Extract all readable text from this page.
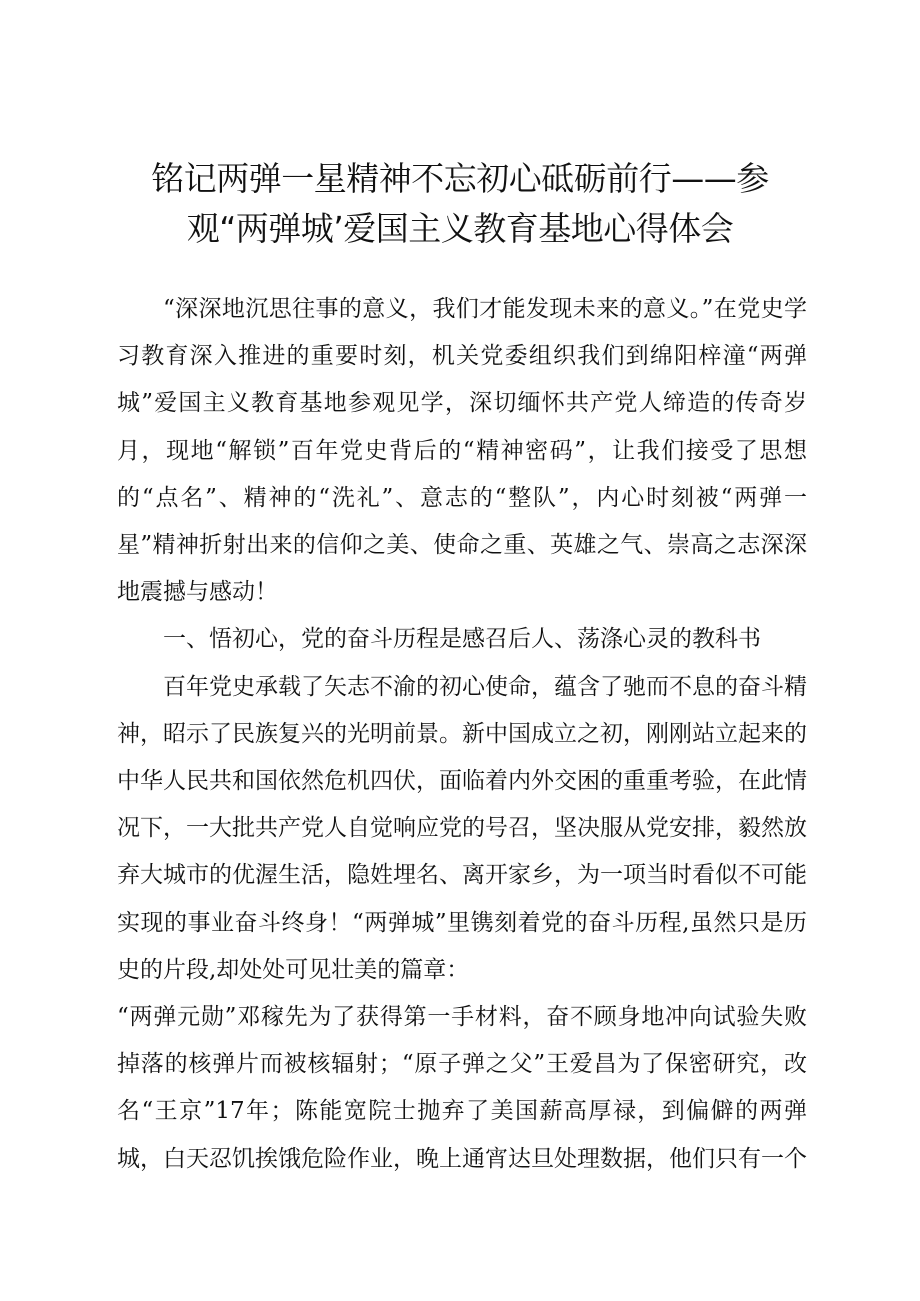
铭记两弹一星精神不忘初心砥砺前行——参
观“两弹城’爱国主义教育基地心得体会

“深深地沉思往事的意义，我们才能发现未来的意义。”在党史学习教育深入推进的重要时刻，机关党委组织我们到绵阳梓潼“两弹城”爱国主义教育基地参观见学，深切缅怀共产党人缔造的传奇岁月，现地“解锁”百年党史背后的“精神密码”，让我们接受了思想的“点名”、精神的“洗礼”、意志的“整队”，内心时刻被“两弹一星”精神折射出来的信仰之美、使命之重、英雄之气、崇高之志深深地震撼与感动！

一、悟初心，党的奋斗历程是感召后人、荡涤心灵的教科书

百年党史承载了矢志不渝的初心使命，蕴含了驰而不息的奋斗精神，昭示了民族复兴的光明前景。新中国成立之初，刚刚站立起来的中华人民共和国依然危机四伏，面临着内外交困的重重考验，在此情况下，一大批共产党人自觉响应党的号召，坚决服从党安排，毅然放弃大城市的优渥生活，隐姓埋名、离开家乡，为一项当时看似不可能实现的事业奋斗终身！“两弹城”里镌刻着党的奋斗历程,虽然只是历史的片段,却处处可见壮美的篇章：

“两弹元勋”邓稼先为了获得第一手材料，奋不顾身地冲向试验失败掉落的核弹片而被核辐射；“原子弹之父”王爱昌为了保密研究，改名“王京”17年；陈能宽院士抛弃了美国薪高厚禄，到偏僻的两弹城，白天忍饥挨饿危险作业，晚上通宵达旦处理数据，他们只有一个
